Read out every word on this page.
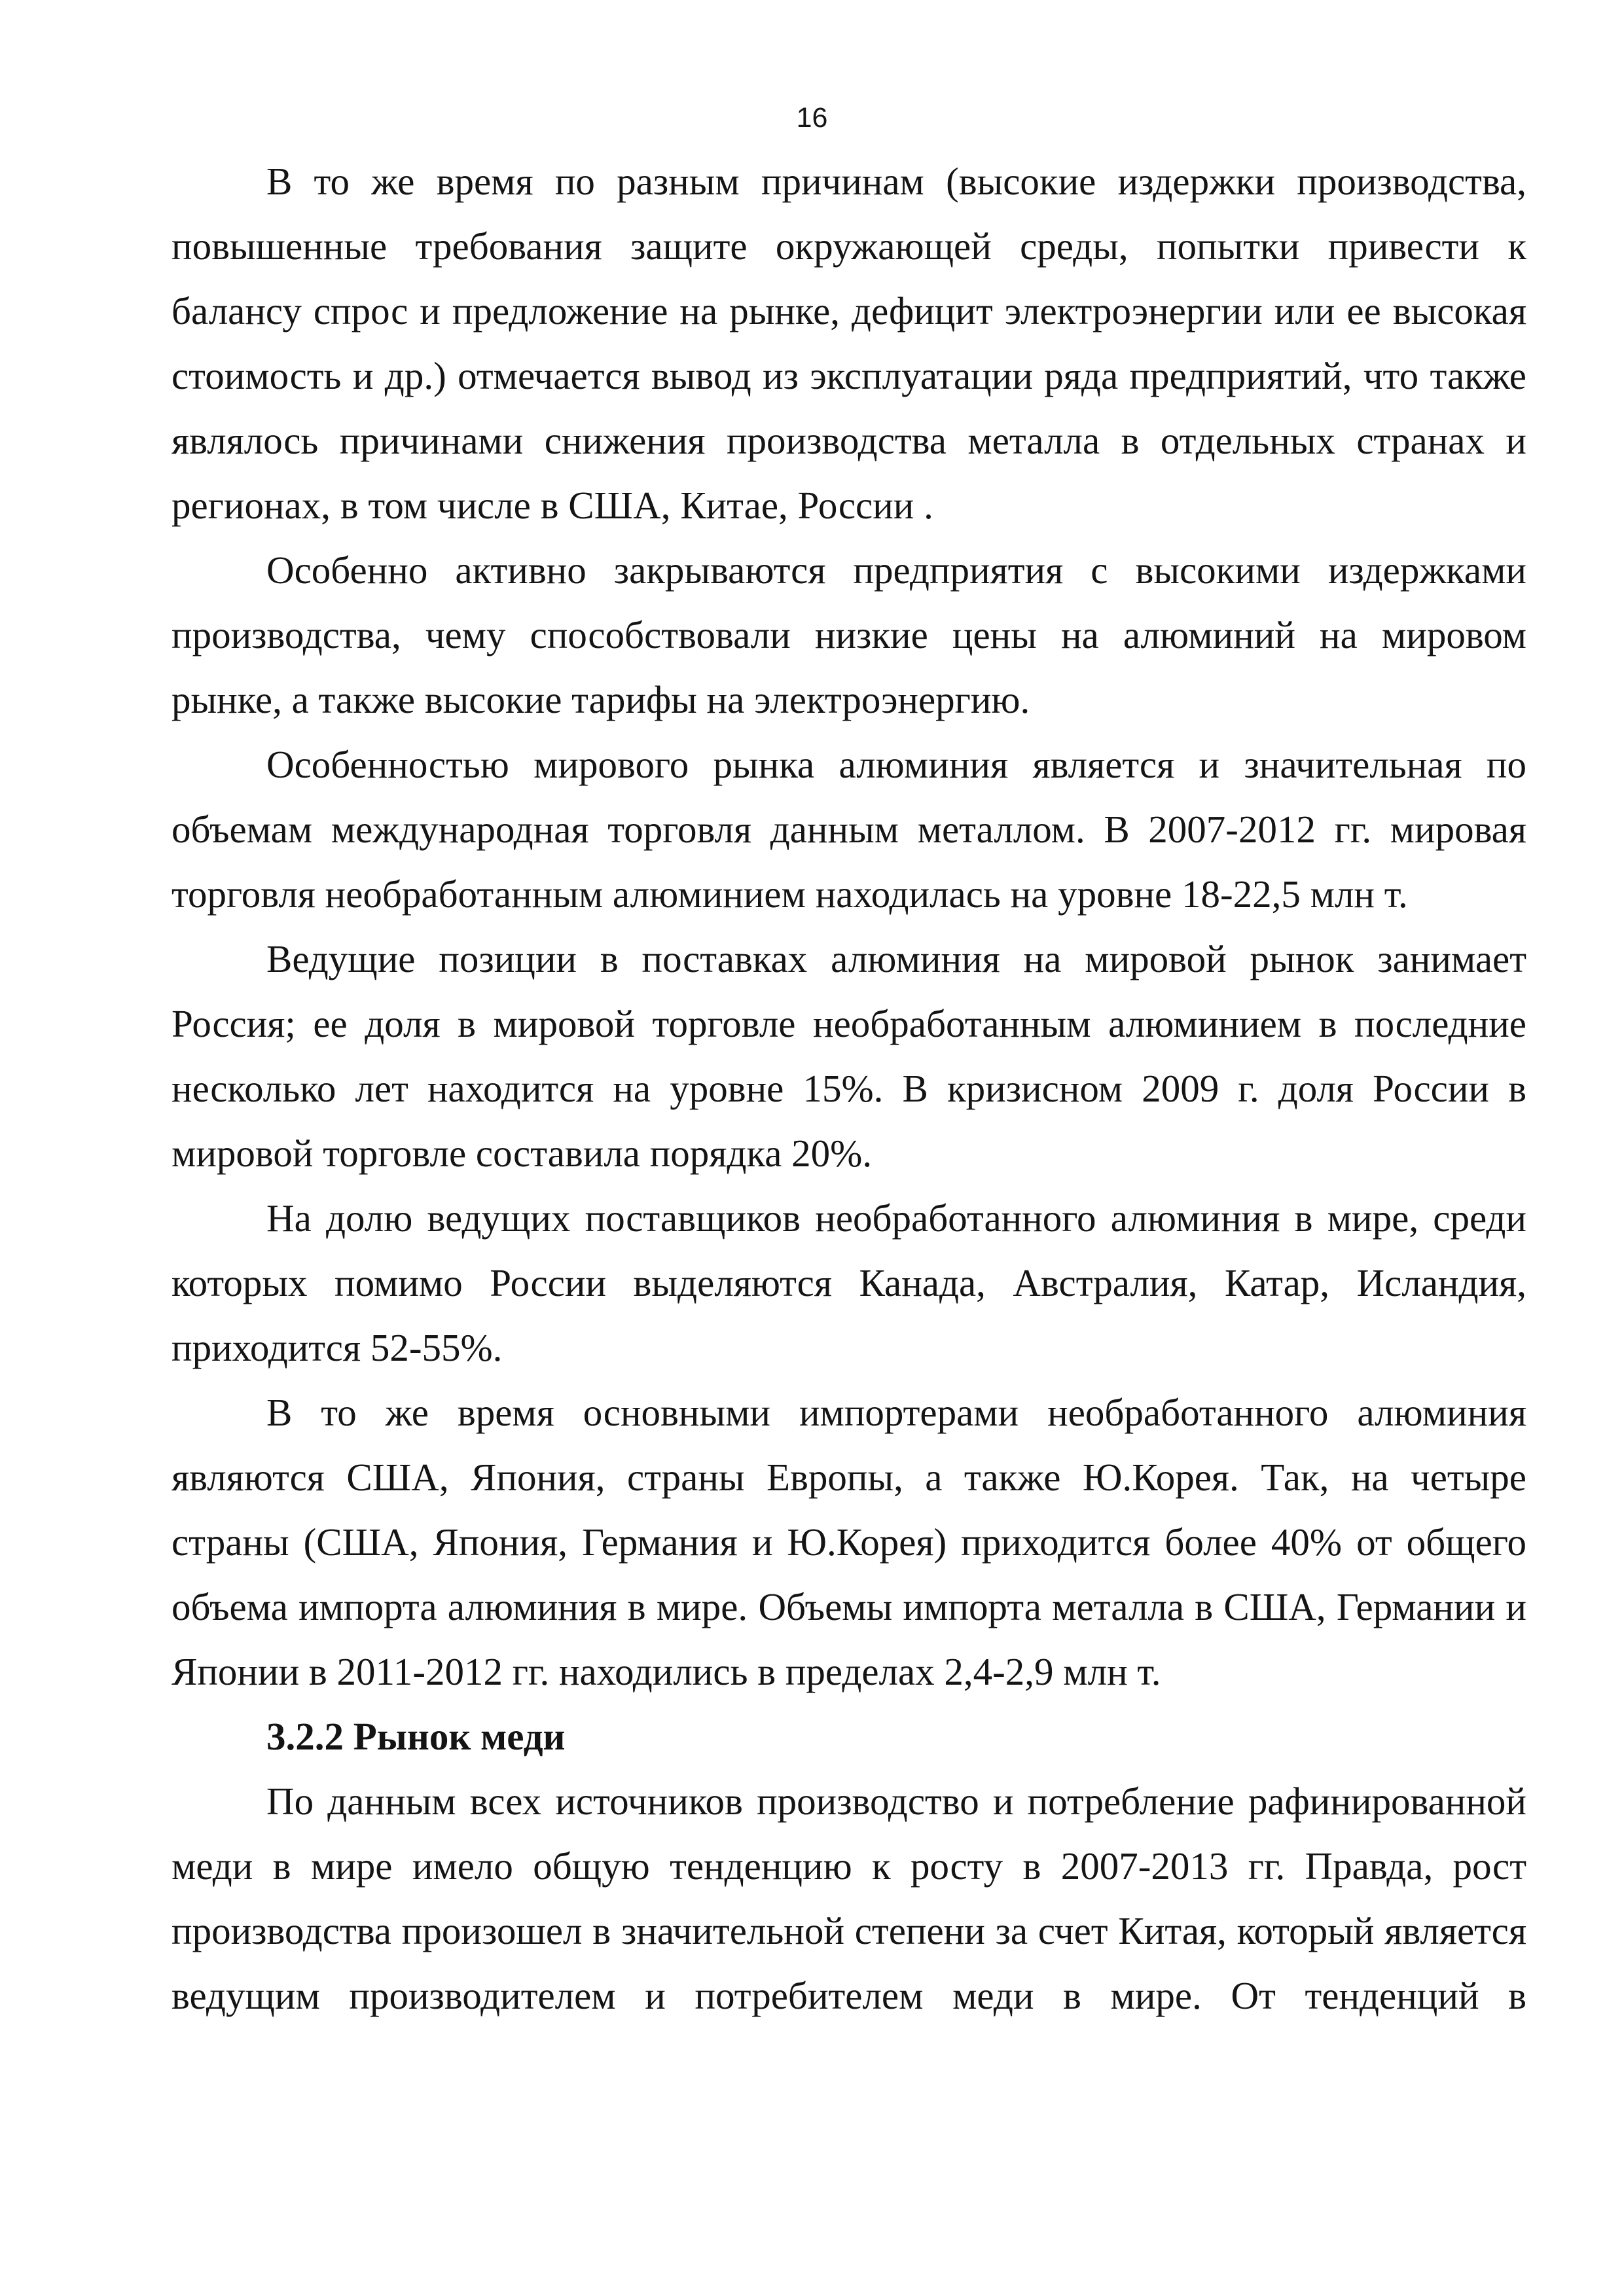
16

В то же время по разным причинам (высокие издержки производства, повышенные требования защите окружающей среды, попытки привести к балансу спрос и предложение на рынке, дефицит электроэнергии или ее высокая стоимость и др.) отмечается вывод из эксплуатации ряда предприятий, что также являлось причинами снижения производства металла в отдельных странах и регионах, в том числе в США, Китае, России .

Особенно активно закрываются предприятия с высокими издержками производства, чему способствовали низкие цены на алюминий на мировом рынке, а также высокие тарифы на электроэнергию.

Особенностью мирового рынка алюминия является и значительная по объемам международная торговля данным металлом. В 2007-2012 гг. мировая торговля необработанным алюминием находилась на уровне 18-22,5 млн т.

Ведущие позиции в поставках алюминия на мировой рынок занимает Россия; ее доля в мировой торговле необработанным алюминием в последние несколько лет находится на уровне 15%. В кризисном 2009 г. доля России в мировой торговле составила порядка 20%.

На долю ведущих поставщиков необработанного алюминия в мире, среди которых помимо России выделяются Канада, Австралия, Катар, Исландия, приходится 52-55%.

В то же время основными импортерами необработанного алюминия являются США, Япония, страны Европы, а также Ю.Корея. Так, на четыре страны (США, Япония, Германия и Ю.Корея) приходится более 40% от общего объема импорта алюминия в мире. Объемы импорта металла в США, Германии и Японии в 2011-2012 гг. находились в пределах 2,4-2,9 млн т.

3.2.2 Рынок меди

По данным всех источников производство и потребление рафинированной меди в мире имело общую тенденцию к росту в 2007-2013 гг. Правда, рост производства произошел в значительной степени за счет Китая, который является ведущим производителем и потребителем меди в мире. От тенденций в
